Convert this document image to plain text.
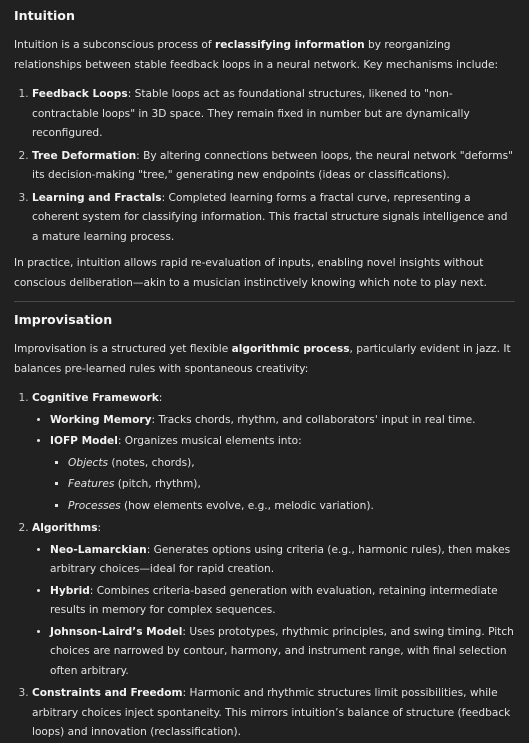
Intuition

Intuition is a subconscious process of reclassifying information by reorganizing relationships between stable feedback loops in a neural network. Key mechanisms include:

1. Feedback Loops: Stable loops act as foundational structures, likened to "non-contractable loops" in 3D space. They remain fixed in number but are dynamically reconfigured.
2. Tree Deformation: By altering connections between loops, the neural network "deforms" its decision-making "tree," generating new endpoints (ideas or classifications).
3. Learning and Fractals: Completed learning forms a fractal curve, representing a coherent system for classifying information. This fractal structure signals intelligence and a mature learning process.

In practice, intuition allows rapid re-evaluation of inputs, enabling novel insights without conscious deliberation—akin to a musician instinctively knowing which note to play next.

Improvisation

Improvisation is a structured yet flexible algorithmic process, particularly evident in jazz. It balances pre-learned rules with spontaneous creativity:

1. Cognitive Framework:
• Working Memory: Tracks chords, rhythm, and collaborators' input in real time.
• IOFP Model: Organizes musical elements into:
▪ Objects (notes, chords),
▪ Features (pitch, rhythm),
▪ Processes (how elements evolve, e.g., melodic variation).
2. Algorithms:
• Neo-Lamarckian: Generates options using criteria (e.g., harmonic rules), then makes arbitrary choices—ideal for rapid creation.
• Hybrid: Combines criteria-based generation with evaluation, retaining intermediate results in memory for complex sequences.
• Johnson-Laird’s Model: Uses prototypes, rhythmic principles, and swing timing. Pitch choices are narrowed by contour, harmony, and instrument range, with final selection often arbitrary.
3. Constraints and Freedom: Harmonic and rhythmic structures limit possibilities, while arbitrary choices inject spontaneity. This mirrors intuition’s balance of structure (feedback loops) and innovation (reclassification).
